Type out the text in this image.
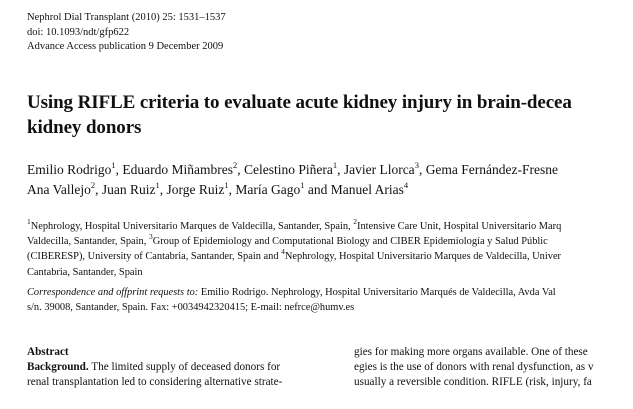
Nephrol Dial Transplant (2010) 25: 1531–1537
doi: 10.1093/ndt/gfp622
Advance Access publication 9 December 2009
Using RIFLE criteria to evaluate acute kidney injury in brain-decea
kidney donors
Emilio Rodrigo$^1$, Eduardo Miñambres$^2$, Celestino Piñera$^1$, Javier Llorca$^3$, Gema Fernández-Fresne
Ana Vallejo$^2$, Juan Ruiz$^1$, Jorge Ruiz$^1$, María Gago$^1$ and Manuel Arias$^4$
$^1$Nephrology, Hospital Universitario Marques de Valdecilla, Santander, Spain, $^2$Intensive Care Unit, Hospital Universitario Marq
Valdecilla, Santander, Spain, $^3$Group of Epidemiology and Computational Biology and CIBER Epidemiología y Salud Públic
(CIBERESP), University of Cantabria, Santander, Spain and $^4$Nephrology, Hospital Universitario Marques de Valdecilla, Univer
Cantabria, Santander, Spain
Correspondence and offprint requests to: Emilio Rodrigo. Nephrology, Hospital Universitario Marqués de Valdecilla, Avda Val
s/n. 39008, Santander, Spain. Fax: +0034942320415; E-mail: nefrce@humv.es
Abstract
Background. The limited supply of deceased donors for
renal transplantation led to considering alternative strate-
gies for making more organs available. One of these
egies is the use of donors with renal dysfunction, as v
usually a reversible condition. RIFLE (risk, injury, fa
